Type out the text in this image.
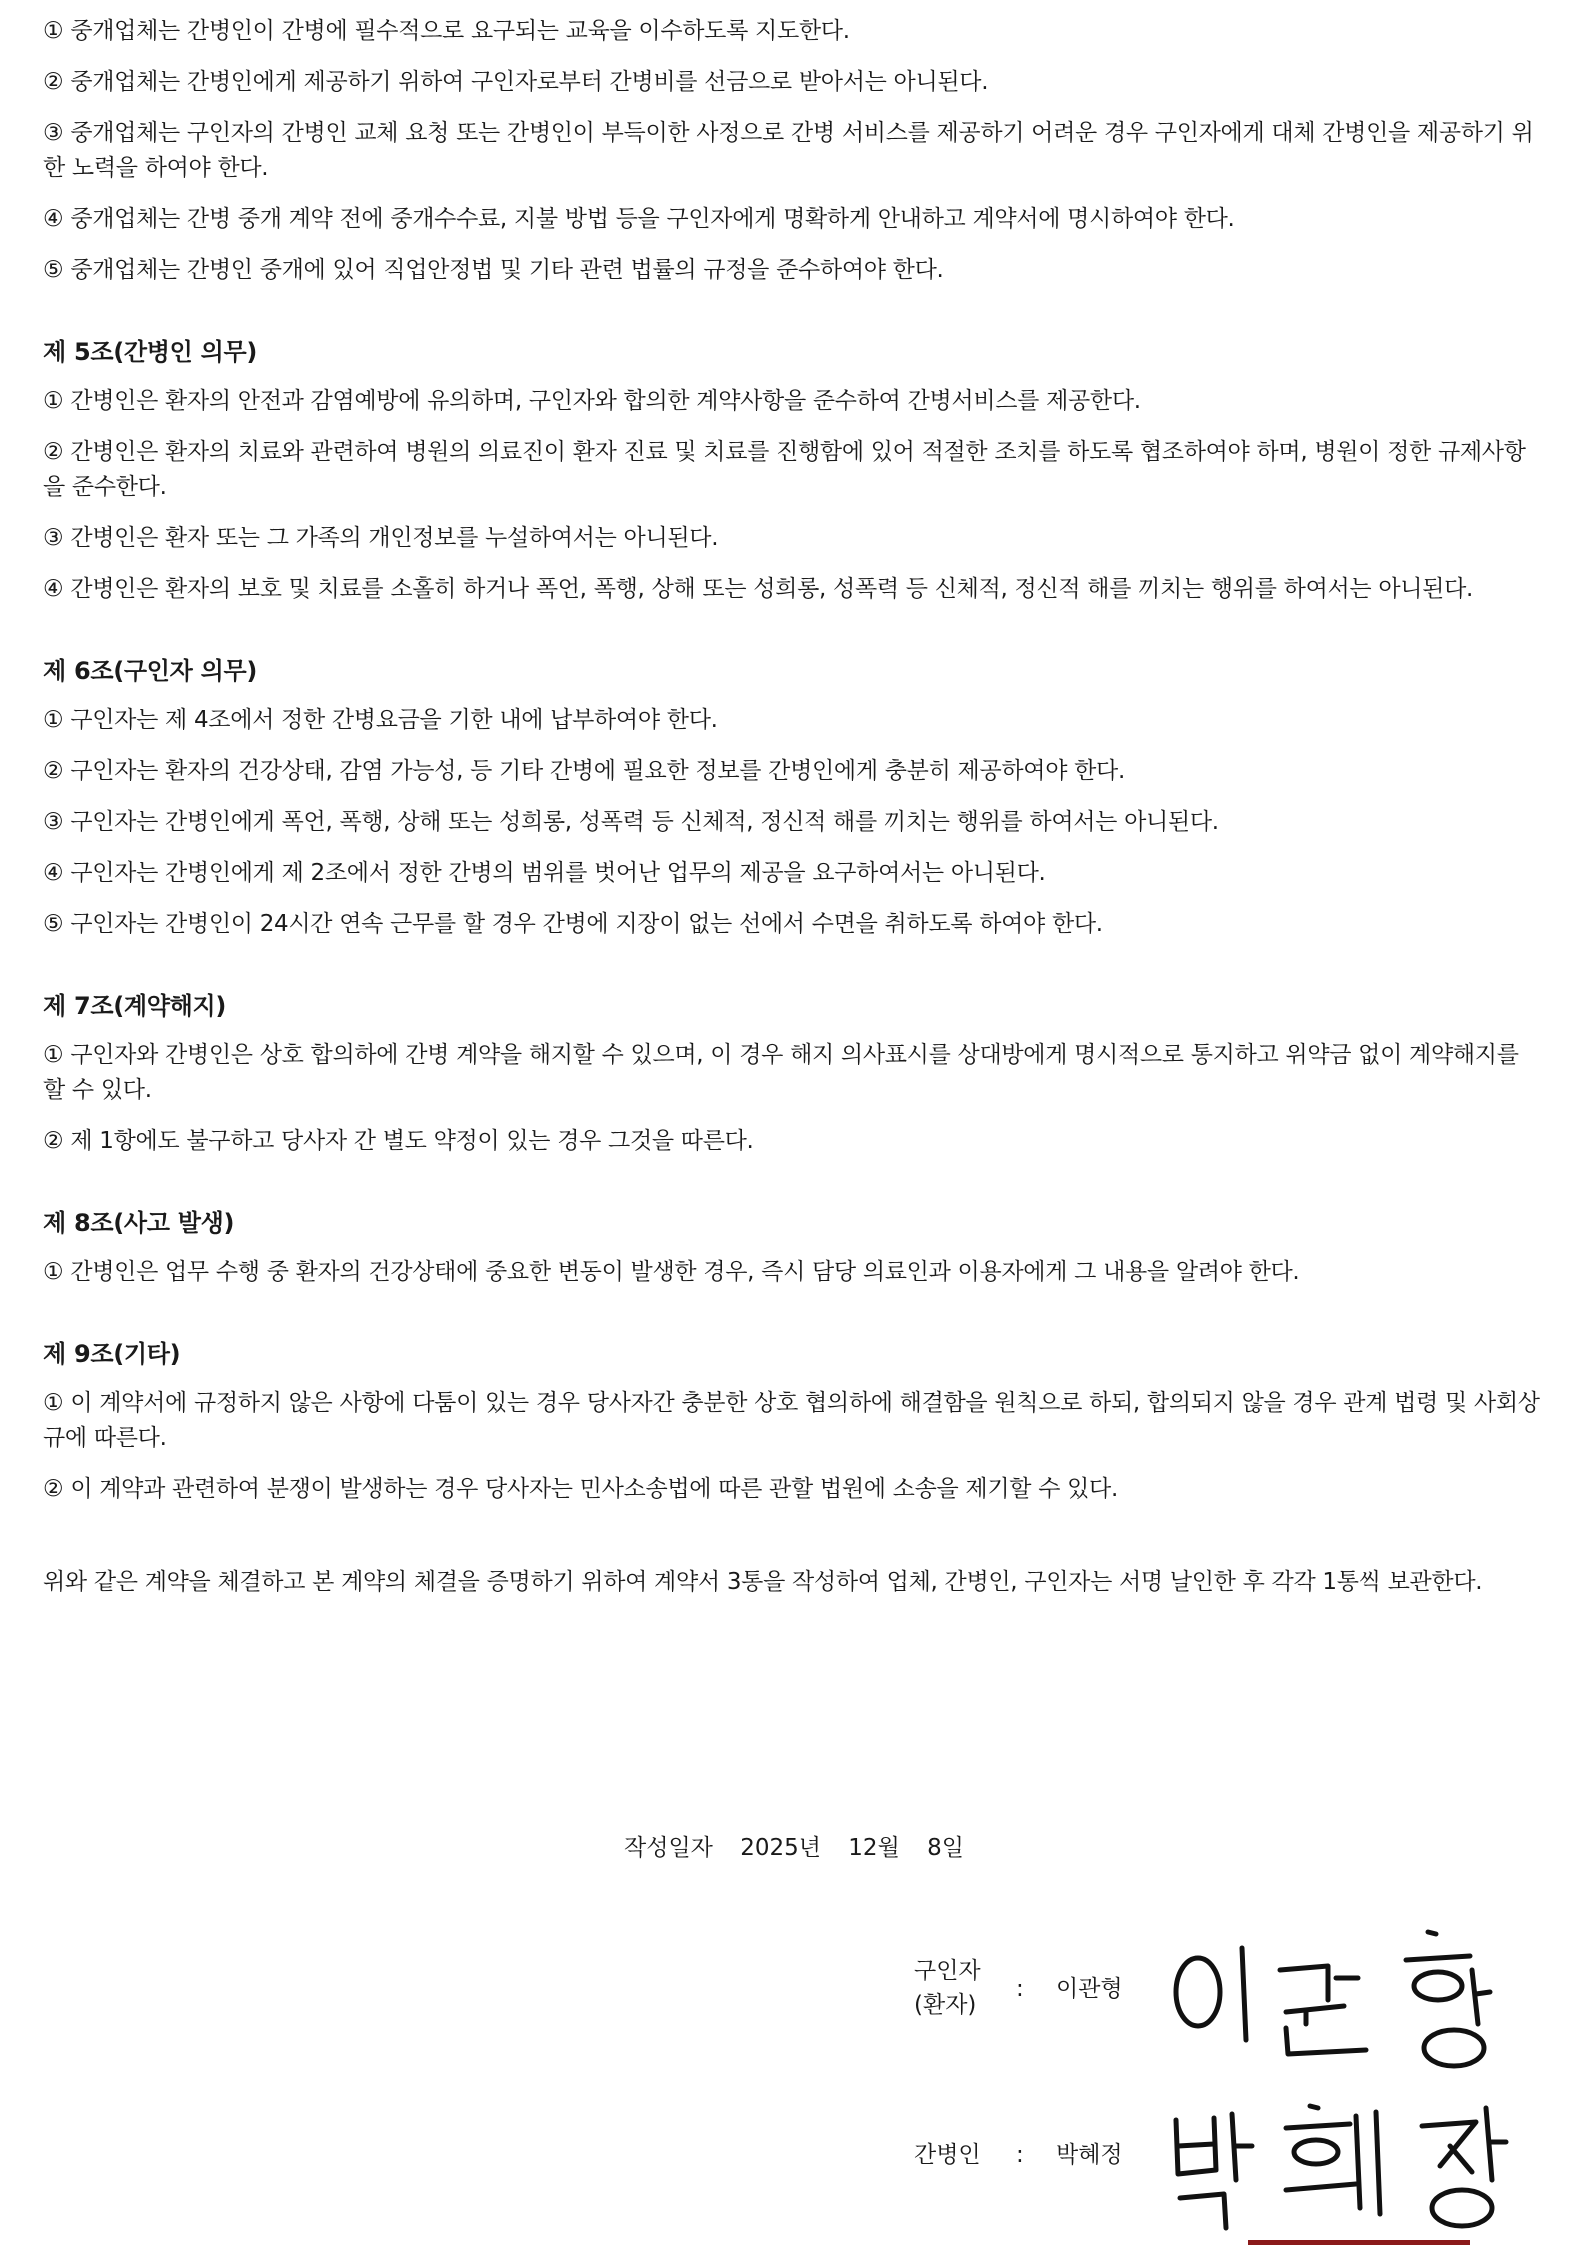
① 중개업체는 간병인이 간병에 필수적으로 요구되는 교육을 이수하도록 지도한다.

② 중개업체는 간병인에게 제공하기 위하여 구인자로부터 간병비를 선금으로 받아서는 아니된다.

③ 중개업체는 구인자의 간병인 교체 요청 또는 간병인이 부득이한 사정으로 간병 서비스를 제공하기 어려운 경우 구인자에게 대체 간병인을 제공하기 위한 노력을 하여야 한다.

④ 중개업체는 간병 중개 계약 전에 중개수수료, 지불 방법 등을 구인자에게 명확하게 안내하고 계약서에 명시하여야 한다.

⑤ 중개업체는 간병인 중개에 있어 직업안정법 및 기타 관련 법률의 규정을 준수하여야 한다.

제 5조(간병인 의무)

① 간병인은 환자의 안전과 감염예방에 유의하며, 구인자와 합의한 계약사항을 준수하여 간병서비스를 제공한다.

② 간병인은 환자의 치료와 관련하여 병원의 의료진이 환자 진료 및 치료를 진행함에 있어 적절한 조치를 하도록 협조하여야 하며, 병원이 정한 규제사항을 준수한다.

③ 간병인은 환자 또는 그 가족의 개인정보를 누설하여서는 아니된다.

④ 간병인은 환자의 보호 및 치료를 소홀히 하거나 폭언, 폭행, 상해 또는 성희롱, 성폭력 등 신체적, 정신적 해를 끼치는 행위를 하여서는 아니된다.

제 6조(구인자 의무)

① 구인자는 제 4조에서 정한 간병요금을 기한 내에 납부하여야 한다.

② 구인자는 환자의 건강상태, 감염 가능성, 등 기타 간병에 필요한 정보를 간병인에게 충분히 제공하여야 한다.

③ 구인자는 간병인에게 폭언, 폭행, 상해 또는 성희롱, 성폭력 등 신체적, 정신적 해를 끼치는 행위를 하여서는 아니된다.

④ 구인자는 간병인에게 제 2조에서 정한 간병의 범위를 벗어난 업무의 제공을 요구하여서는 아니된다.

⑤ 구인자는 간병인이 24시간 연속 근무를 할 경우 간병에 지장이 없는 선에서 수면을 취하도록 하여야 한다.

제 7조(계약해지)

① 구인자와 간병인은 상호 합의하에 간병 계약을 해지할 수 있으며, 이 경우 해지 의사표시를 상대방에게 명시적으로 통지하고 위약금 없이 계약해지를 할 수 있다.

② 제 1항에도 불구하고 당사자 간 별도 약정이 있는 경우 그것을 따른다.

제 8조(사고 발생)

① 간병인은 업무 수행 중 환자의 건강상태에 중요한 변동이 발생한 경우, 즉시 담당 의료인과 이용자에게 그 내용을 알려야 한다.

제 9조(기타)

① 이 계약서에 규정하지 않은 사항에 다툼이 있는 경우 당사자간 충분한 상호 협의하에 해결함을 원칙으로 하되, 합의되지 않을 경우 관계 법령 및 사회상규에 따른다.

② 이 계약과 관련하여 분쟁이 발생하는 경우 당사자는 민사소송법에 따른 관할 법원에 소송을 제기할 수 있다.

위와 같은 계약을 체결하고 본 계약의 체결을 증명하기 위하여 계약서 3통을 작성하여 업체, 간병인, 구인자는 서명 날인한 후 각각 1통씩 보관한다.

작성일자 2025년 12월 8일
구인자
(환자)
: 이관형
간병인	: 박혜정
